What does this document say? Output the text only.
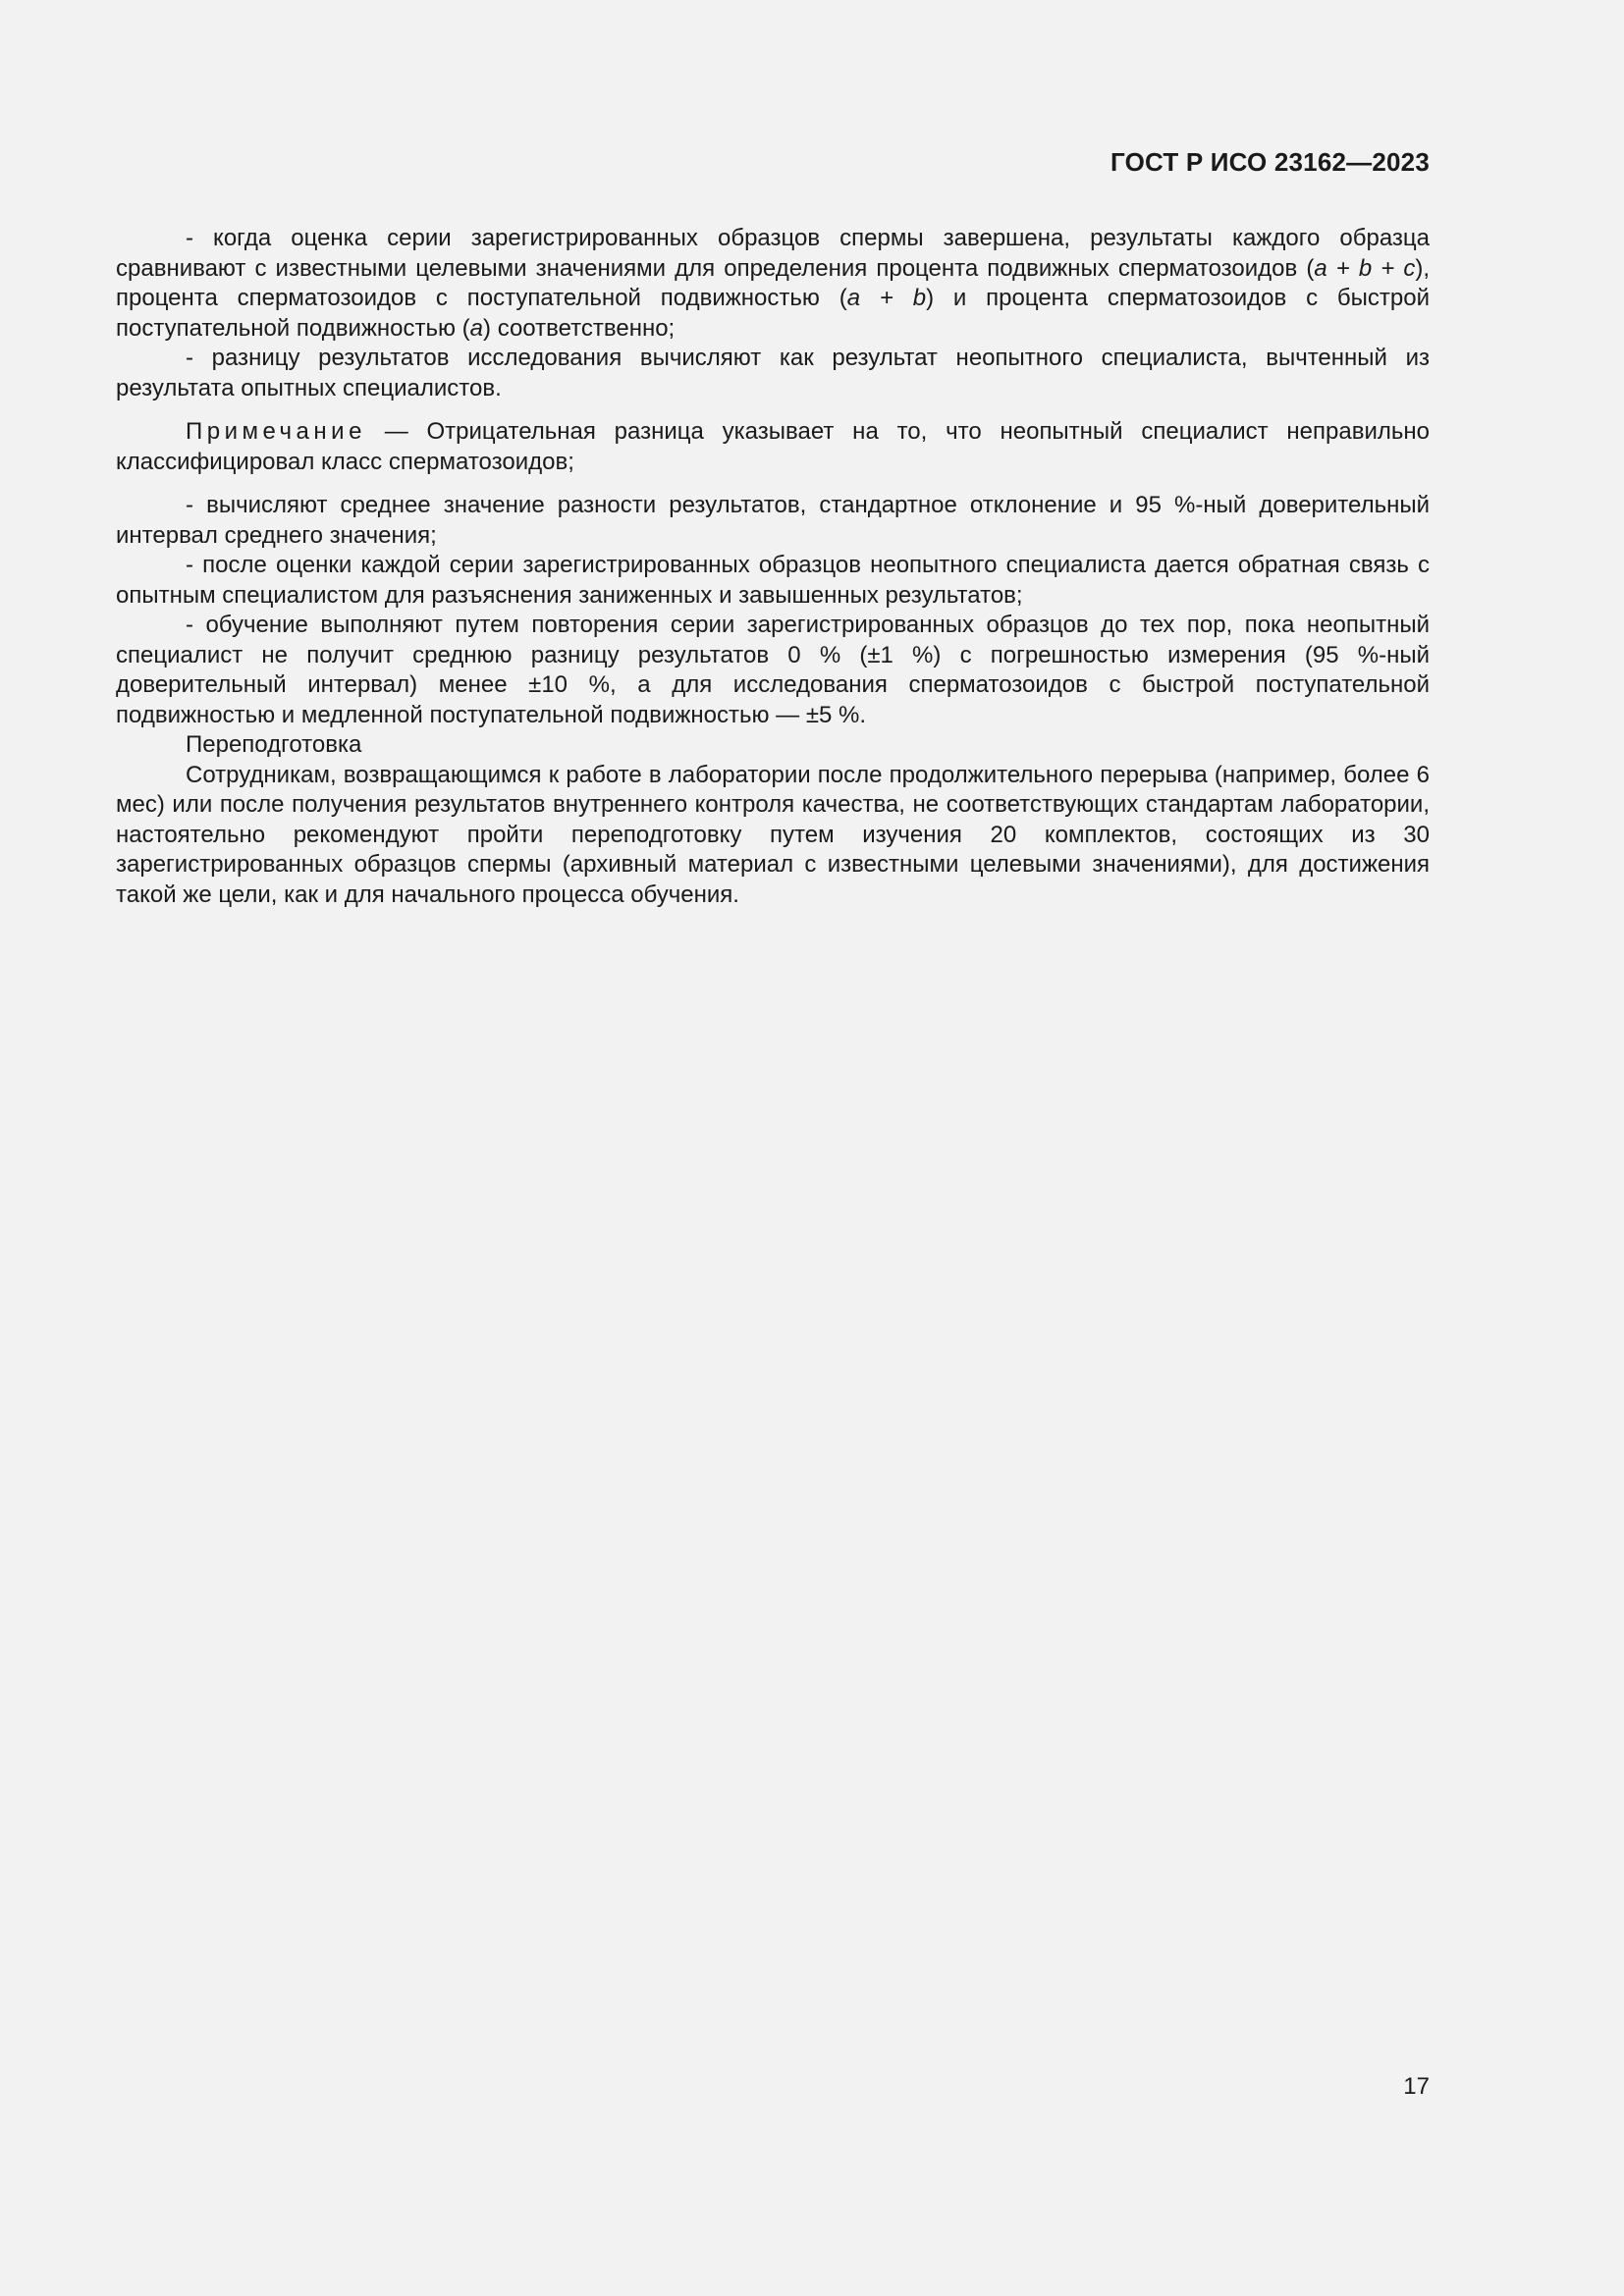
ГОСТ Р ИСО 23162—2023

- когда оценка серии зарегистрированных образцов спермы завершена, результаты каждого образца сравнивают с известными целевыми значениями для определения процента подвижных сперматозоидов (a + b + c), процента сперматозоидов с поступательной подвижностью (a + b) и процента сперматозоидов с быстрой поступательной подвижностью (a) соответственно;

- разницу результатов исследования вычисляют как результат неопытного специалиста, вычтенный из результата опытных специалистов.

Примечание — Отрицательная разница указывает на то, что неопытный специалист неправильно классифицировал класс сперматозоидов;

- вычисляют среднее значение разности результатов, стандартное отклонение и 95 %-ный доверительный интервал среднего значения;

- после оценки каждой серии зарегистрированных образцов неопытного специалиста дается обратная связь с опытным специалистом для разъяснения заниженных и завышенных результатов;

- обучение выполняют путем повторения серии зарегистрированных образцов до тех пор, пока неопытный специалист не получит среднюю разницу результатов 0 % (±1 %) с погрешностью измерения (95 %-ный доверительный интервал) менее ±10 %, а для исследования сперматозоидов с быстрой поступательной подвижностью и медленной поступательной подвижностью — ±5 %.

Переподготовка

Сотрудникам, возвращающимся к работе в лаборатории после продолжительного перерыва (например, более 6 мес) или после получения результатов внутреннего контроля качества, не соответствующих стандартам лаборатории, настоятельно рекомендуют пройти переподготовку путем изучения 20 комплектов, состоящих из 30 зарегистрированных образцов спермы (архивный материал с известными целевыми значениями), для достижения такой же цели, как и для начального процесса обучения.

17
